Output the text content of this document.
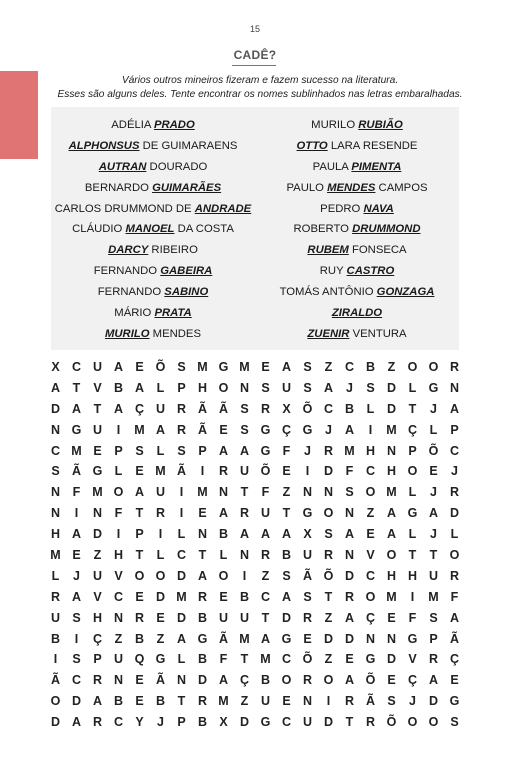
15
CADÊ?
Vários outros mineiros fizeram e fazem sucesso na literatura.
Esses são alguns deles. Tente encontrar os nomes sublinhados nas letras embaralhadas.
ADÉLIA PRADO
ALPHONSUS DE GUIMARAENS
AUTRAN DOURADO
BERNARDO GUIMARÃES
CARLOS DRUMMOND DE ANDRADE
CLÁUDIO MANOEL DA COSTA
DARCY RIBEIRO
FERNANDO GABEIRA
FERNANDO SABINO
MÁRIO PRATA
MURILO MENDES
MURILO RUBIÃO
OTTO LARA RESENDE
PAULA PIMENTA
PAULO MENDES CAMPOS
PEDRO NAVA
ROBERTO DRUMMOND
RUBEM FONSECA
RUY CASTRO
TOMÁS ANTÔNIO GONZAGA
ZIRALDO
ZUENIR VENTURA
X C U A E Õ S M G M E A S	Z	C B	Z O O R
A	T	V B A	L	P H O N S U S A	J	S D	L G N
D A	T	A Ç U R Ã Ã S R X Õ C B	L	D	T	J	A
N G U	I	M A R Ã E	S G Ç G	J	A	I	M Ç	L	P
C M E	P	S	L	S	P A A G F	J	R M H N P Õ C
S Ã G L	E M Ã	I	R U Õ E	I	D	F	C H O E	J
N	F M O A U	I	M N	T	F	Z	N N S O M L	J	R
N	I	N	F	T	R	I	E A R U	T G O N	Z	A G A D
H A D	I	P	I	L	N B A A A X	S A E A	L	J	L
M E	Z	H	T	L	C	T	L	N R B U R N V O T	T O
L	J	U V O O D A O	I	Z	S Ã Õ D C H H U R
R A V C E D M R E B C A S	T	R O M	I	M F
U S H N R E D B U U	T	D R	Z	A Ç E	F	S A
B	I	Ç	Z	B	Z	A G Ã M A G E D D N N G P Ã
I	S	P U Q G L	B	F	T M C Õ Z	E G D V R Ç
Ã C R N E Ã N D A Ç B O R O A Õ E Ç A E
O D A B E B	T	R M Z	U E N	I	R Ã S	J	D G
D A R C Y	J	P B X D G C U D	T	R Õ O O S
